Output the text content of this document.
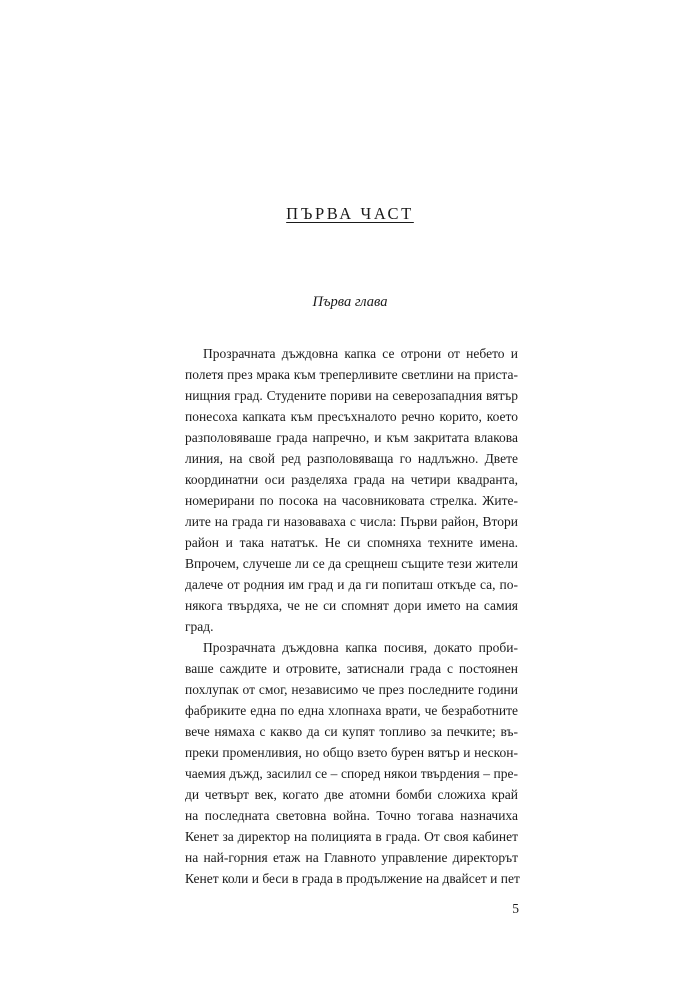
ПЪРВА ЧАСТ
Първа глава
Прозрачната дъждовна капка се отрони от небето и
полетя през мрака към треперливите светлини на приста-
нищния град. Студените пориви на северозападния вятър
понесоха капката към пресъхналото речно корито, което
разполовяваше града напречно, и към закритата влакова
линия, на свой ред разполовяваща го надлъжно. Двете
координатни оси разделяха града на четири квадранта,
номерирани по посока на часовниковата стрелка. Жите-
лите на града ги назоваваха с числа: Първи район, Втори
район и така нататък. Не си спомняха техните имена.
Впрочем, случеше ли се да срещнеш същите тези жители
далече от родния им град и да ги попиташ откъде са, по-
някога твърдяха, че не си спомнят дори името на самия
град.
Прозрачната дъждовна капка посивя, докато проби-
ваше саждите и отровите, затиснали града с постоянен
похлупак от смог, независимо че през последните години
фабриките една по една хлопнаха врати, че безработните
вече нямаха с какво да си купят топливо за печките; въ-
преки променливия, но общо взето бурен вятър и нескон-
чаемия дъжд, засилил се – според някои твърдения – пре-
ди четвърт век, когато две атомни бомби сложиха край
на последната световна война. Точно тогава назначиха
Кенет за директор на полицията в града. От своя кабинет
на най-горния етаж на Главното управление директорът
Кенет коли и беси в града в продължение на двайсет и пет
5
